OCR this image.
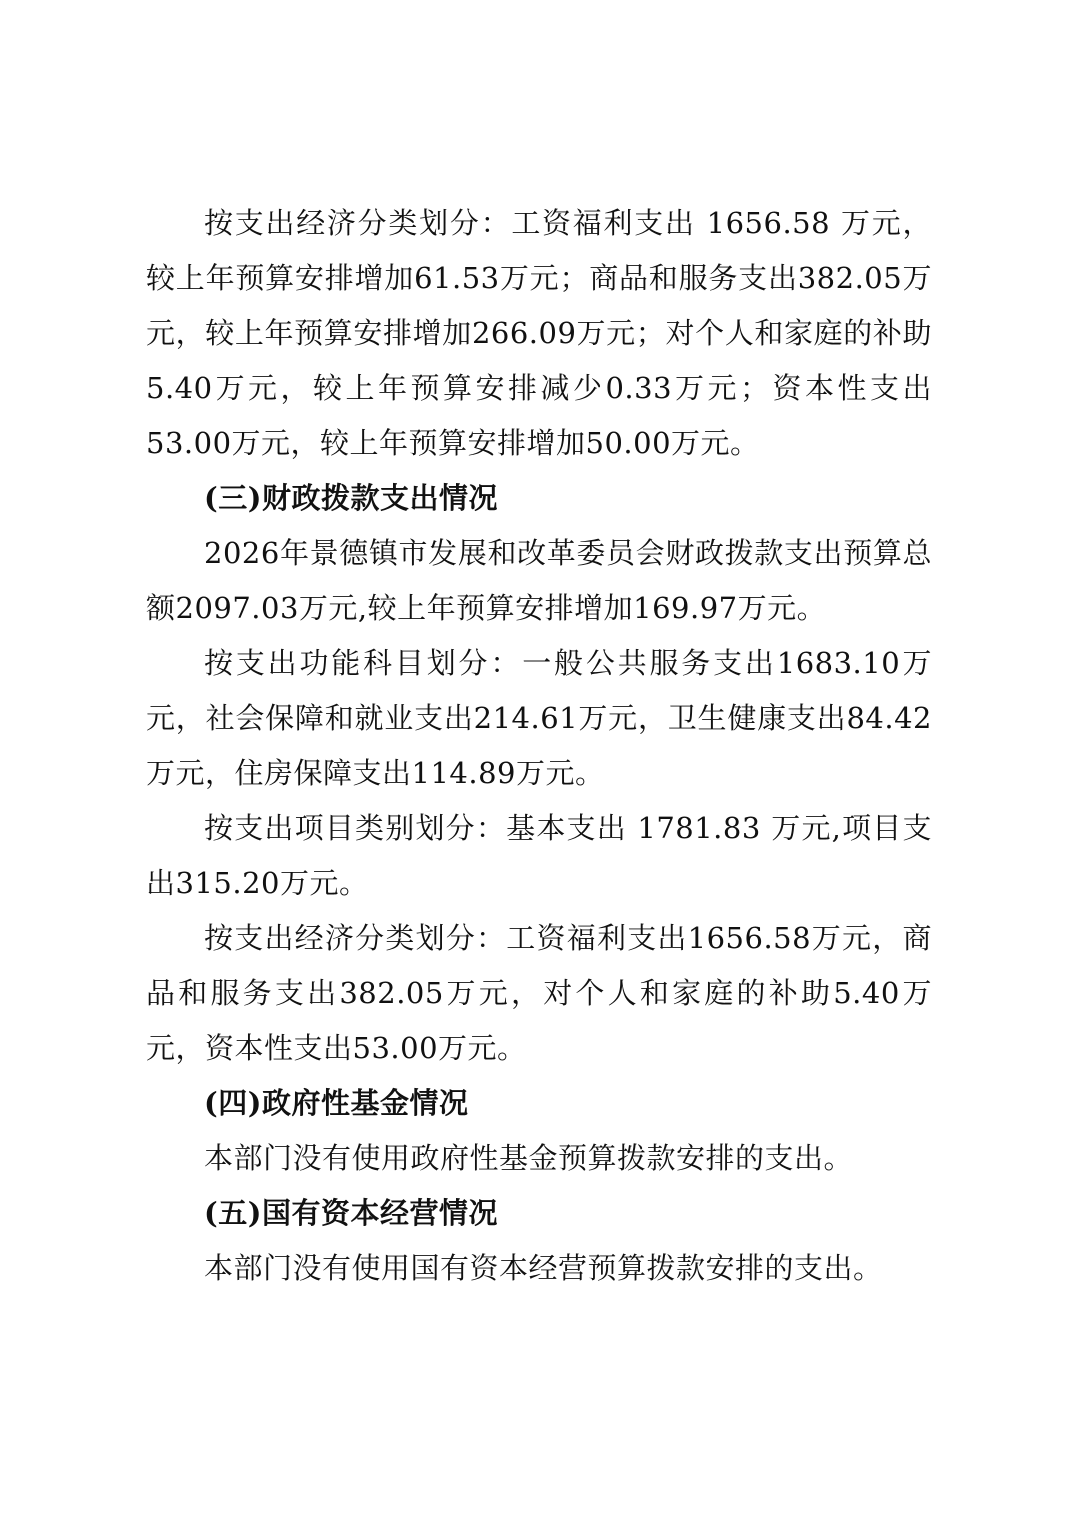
按支出经济分类划分：工资福利支出 1656.58 万元，较上年预算安排增加61.53万元；商品和服务支出382.05万元，较上年预算安排增加266.09万元；对个人和家庭的补助5.40万元，较上年预算安排减少0.33万元；资本性支出53.00万元，较上年预算安排增加50.00万元。

(三)财政拨款支出情况

2026年景德镇市发展和改革委员会财政拨款支出预算总额2097.03万元,较上年预算安排增加169.97万元。

按支出功能科目划分：一般公共服务支出1683.10万元，社会保障和就业支出214.61万元，卫生健康支出84.42万元，住房保障支出114.89万元。

按支出项目类别划分：基本支出 1781.83 万元,项目支出315.20万元。

按支出经济分类划分：工资福利支出1656.58万元，商品和服务支出382.05万元，对个人和家庭的补助5.40万元，资本性支出53.00万元。

(四)政府性基金情况

本部门没有使用政府性基金预算拨款安排的支出。

(五)国有资本经营情况

本部门没有使用国有资本经营预算拨款安排的支出。
